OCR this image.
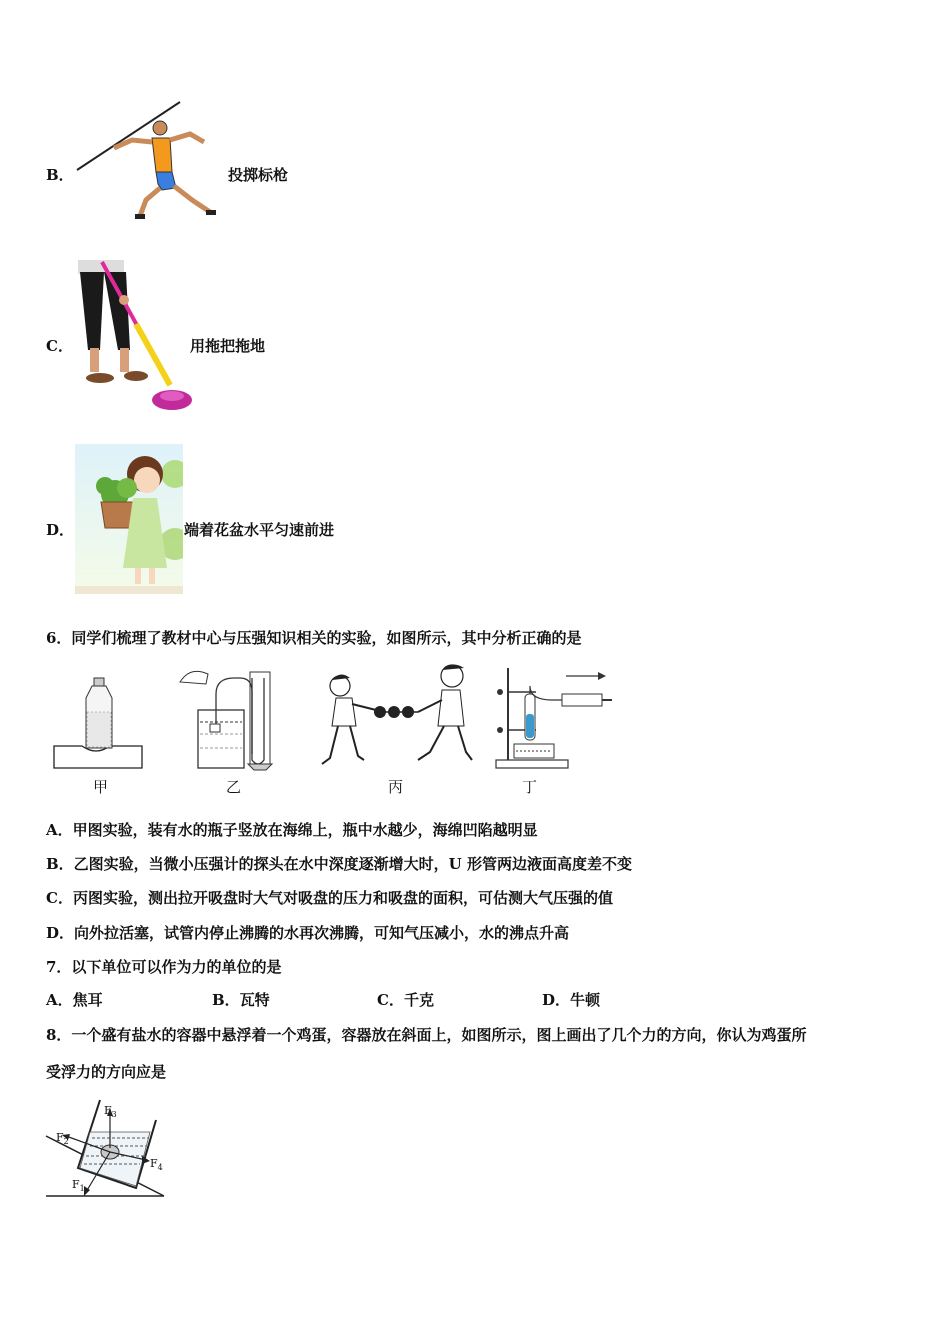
B．	投掷标枪
C．	用拖把拖地
D．	端着花盆水平匀速前进
6．同学们梳理了教材中心与压强知识相关的实验，如图所示，其中分析正确的是
甲	乙	丙	丁
A．甲图实验，装有水的瓶子竖放在海绵上，瓶中水越少，海绵凹陷越明显
B．乙图实验，当微小压强计的探头在水中深度逐渐增大时，U 形管两边液面高度差不变
C．丙图实验，测出拉开吸盘时大气对吸盘的压力和吸盘的面积，可估测大气压强的值
D．向外拉活塞，试管内停止沸腾的水再次沸腾，可知气压减小，水的沸点升高
7．以下单位可以作为力的单位的是
A．焦耳	B．瓦特	C．千克	D．牛顿
8．一个盛有盐水的容器中悬浮着一个鸡蛋，容器放在斜面上，如图所示，图上画出了几个力的方向，你认为鸡蛋所
受浮力的方向应是
$F_2$
$F_3$
$F_4$
$F_1$
